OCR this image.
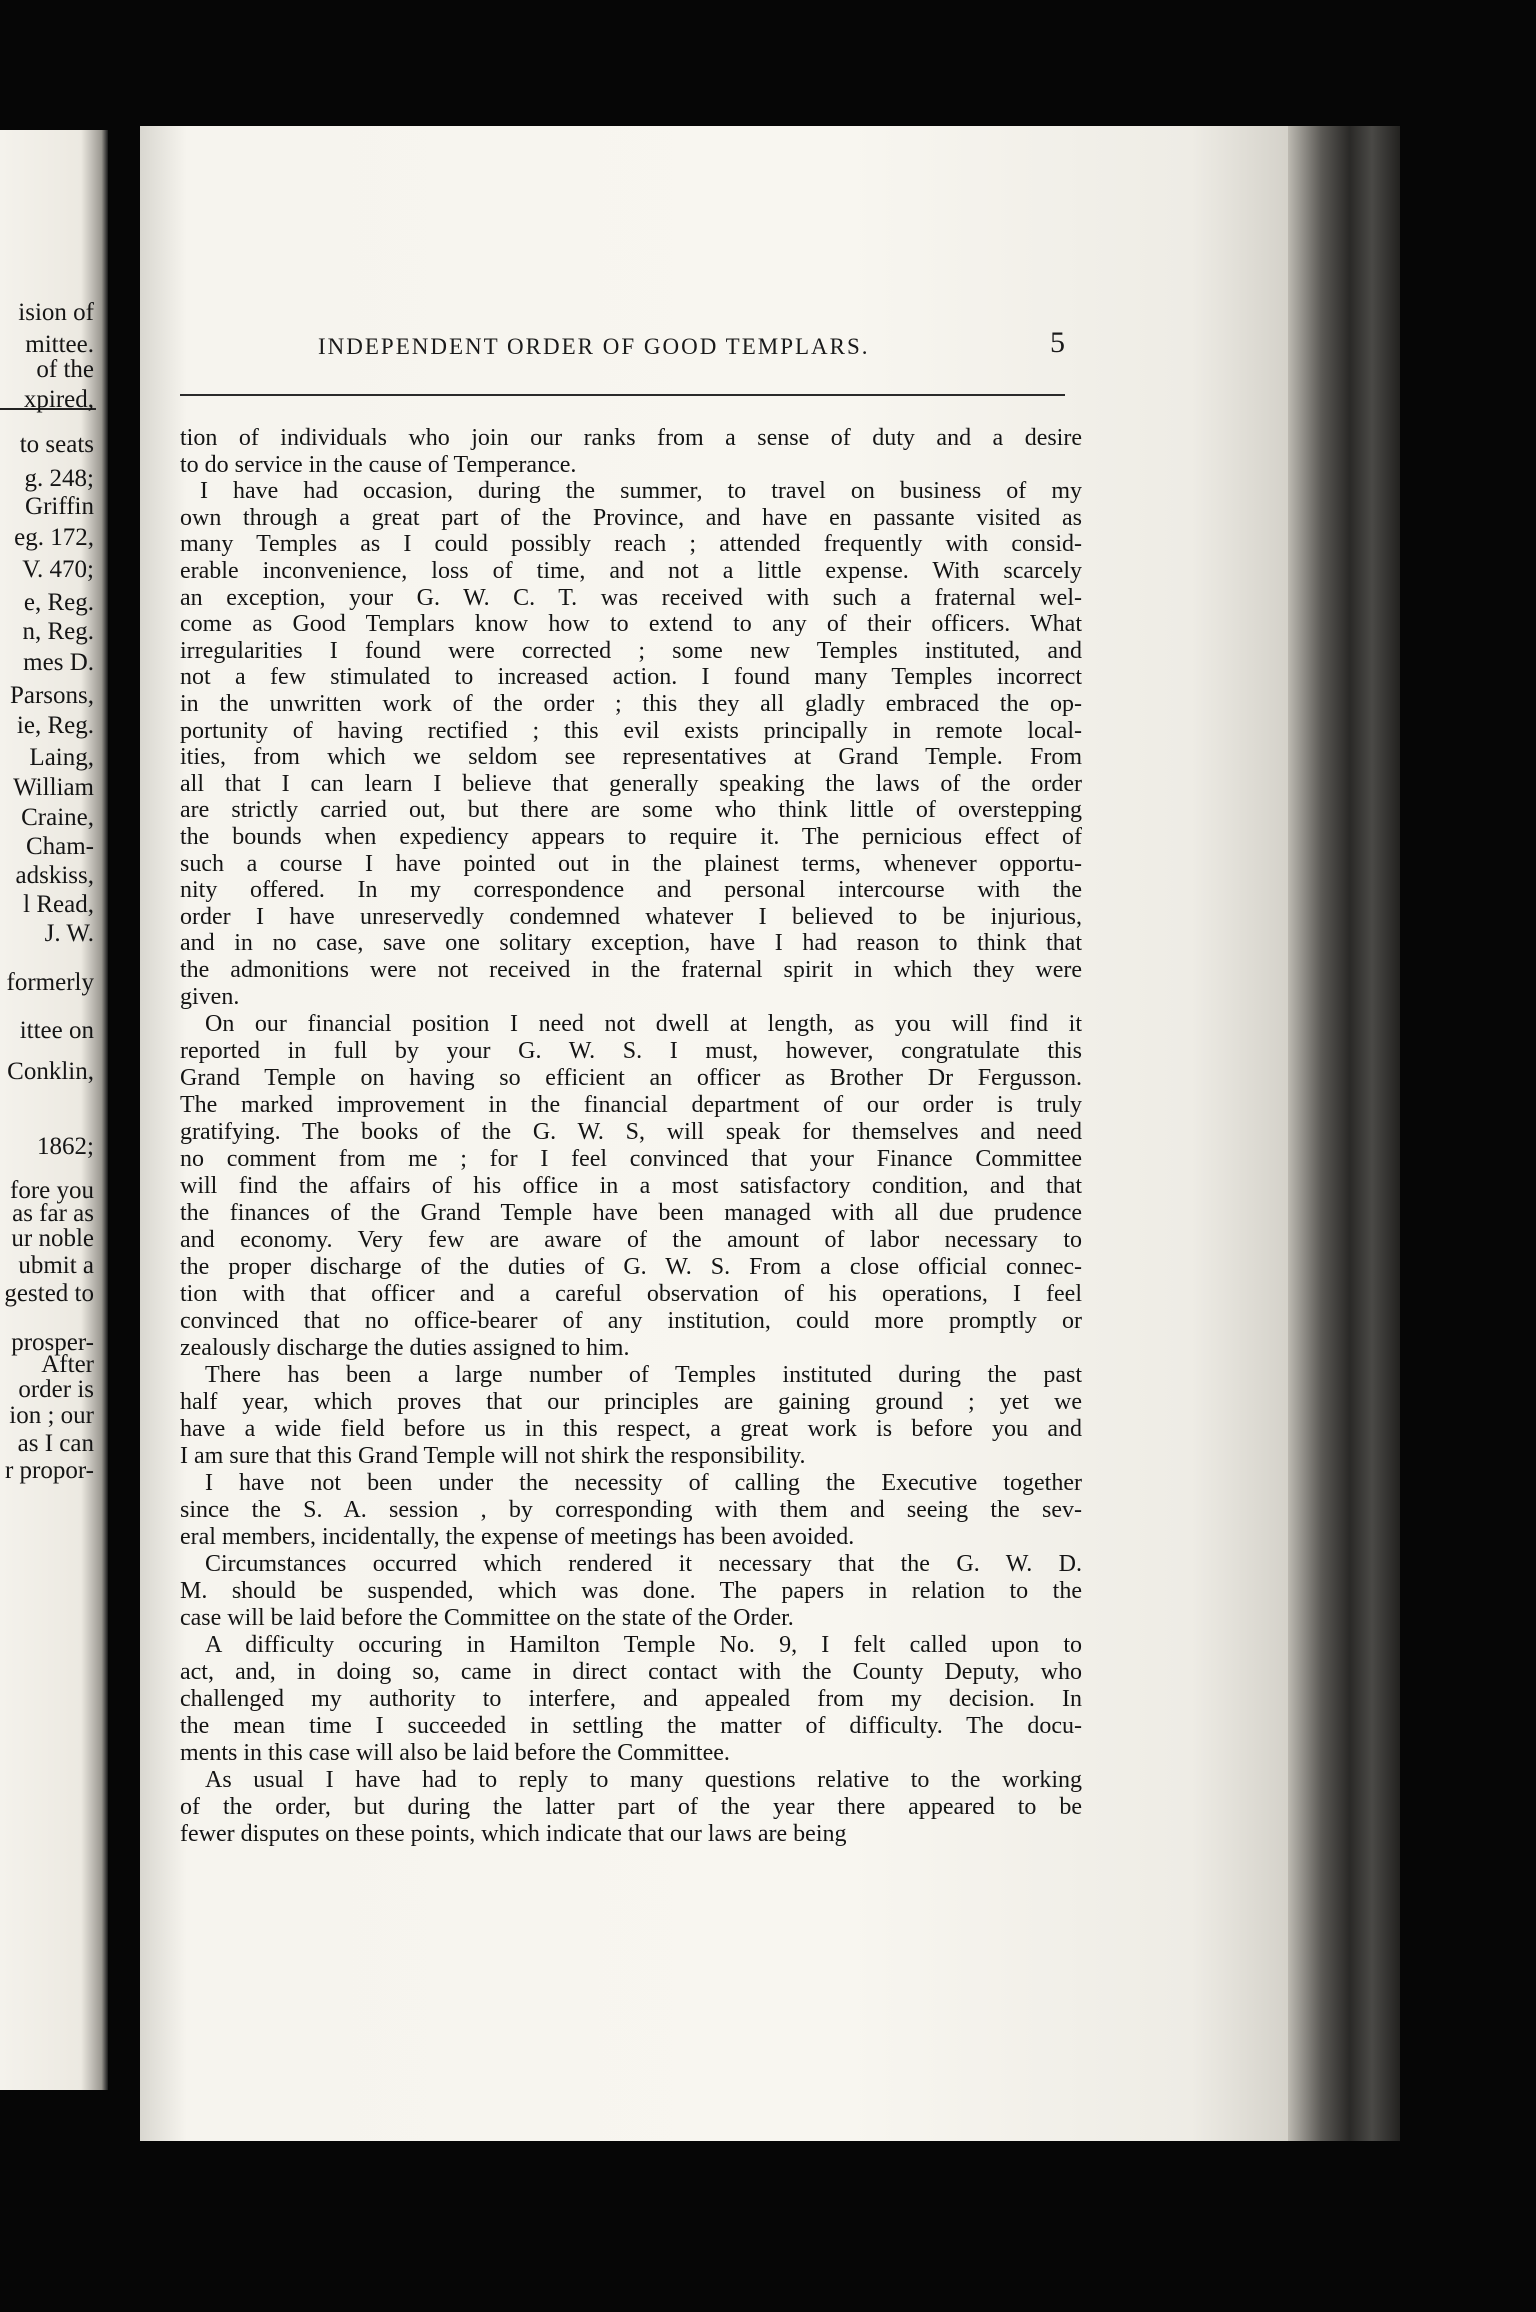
ision of
mittee.
of the
xpired,
to seats
g. 248;
Griffin
eg. 172,
V. 470;
e, Reg.
n, Reg.
mes D.
Parsons,
ie, Reg.
Laing,
William
Craine,
Cham-
adskiss,
l Read,
J. W.
formerly
ittee on
Conklin,
1862;
fore you
as far as
ur noble
ubmit a
gested to
prosper-
After
order is
ion ; our
as I can
r propor-
INDEPENDENT ORDER OF GOOD TEMPLARS.	5
tion of individuals who join our ranks from a sense of duty and a desire
to do service in the cause of Temperance.
I have had occasion, during the summer, to travel on business of my
own through a great part of the Province, and have en passante visited as
many Temples as I could possibly reach ; attended frequently with consid-
erable inconvenience, loss of time, and not a little expense. With scarcely
an exception, your G. W. C. T. was received with such a fraternal wel-
come as Good Templars know how to extend to any of their officers. What
irregularities I found were corrected ; some new Temples instituted, and
not a few stimulated to increased action. I found many Temples incorrect
in the unwritten work of the order ; this they all gladly embraced the op-
portunity of having rectified ; this evil exists principally in remote local-
ities, from which we seldom see representatives at Grand Temple. From
all that I can learn I believe that generally speaking the laws of the order
are strictly carried out, but there are some who think little of overstepping
the bounds when expediency appears to require it. The pernicious effect of
such a course I have pointed out in the plainest terms, whenever opportu-
nity offered. In my correspondence and personal intercourse with the
order I have unreservedly condemned whatever I believed to be injurious,
and in no case, save one solitary exception, have I had reason to think that
the admonitions were not received in the fraternal spirit in which they were
given.
On our financial position I need not dwell at length, as you will find it
reported in full by your G. W. S. I must, however, congratulate this
Grand Temple on having so efficient an officer as Brother Dr Fergusson.
The marked improvement in the financial department of our order is truly
gratifying. The books of the G. W. S, will speak for themselves and need
no comment from me ; for I feel convinced that your Finance Committee
will find the affairs of his office in a most satisfactory condition, and that
the finances of the Grand Temple have been managed with all due prudence
and economy. Very few are aware of the amount of labor necessary to
the proper discharge of the duties of G. W. S. From a close official connec-
tion with that officer and a careful observation of his operations, I feel
convinced that no office-bearer of any institution, could more promptly or
zealously discharge the duties assigned to him.
There has been a large number of Temples instituted during the past
half year, which proves that our principles are gaining ground ; yet we
have a wide field before us in this respect, a great work is before you and
I am sure that this Grand Temple will not shirk the responsibility.
I have not been under the necessity of calling the Executive together
since the S. A. session , by corresponding with them and seeing the sev-
eral members, incidentally, the expense of meetings has been avoided.
Circumstances occurred which rendered it necessary that the G. W. D.
M. should be suspended, which was done. The papers in relation to the
case will be laid before the Committee on the state of the Order.
A difficulty occuring in Hamilton Temple No. 9, I felt called upon to
act, and, in doing so, came in direct contact with the County Deputy, who
challenged my authority to interfere, and appealed from my decision. In
the mean time I succeeded in settling the matter of difficulty. The docu-
ments in this case will also be laid before the Committee.
As usual I have had to reply to many questions relative to the working
of the order, but during the latter part of the year there appeared to be
fewer disputes on these points, which indicate that our laws are being
